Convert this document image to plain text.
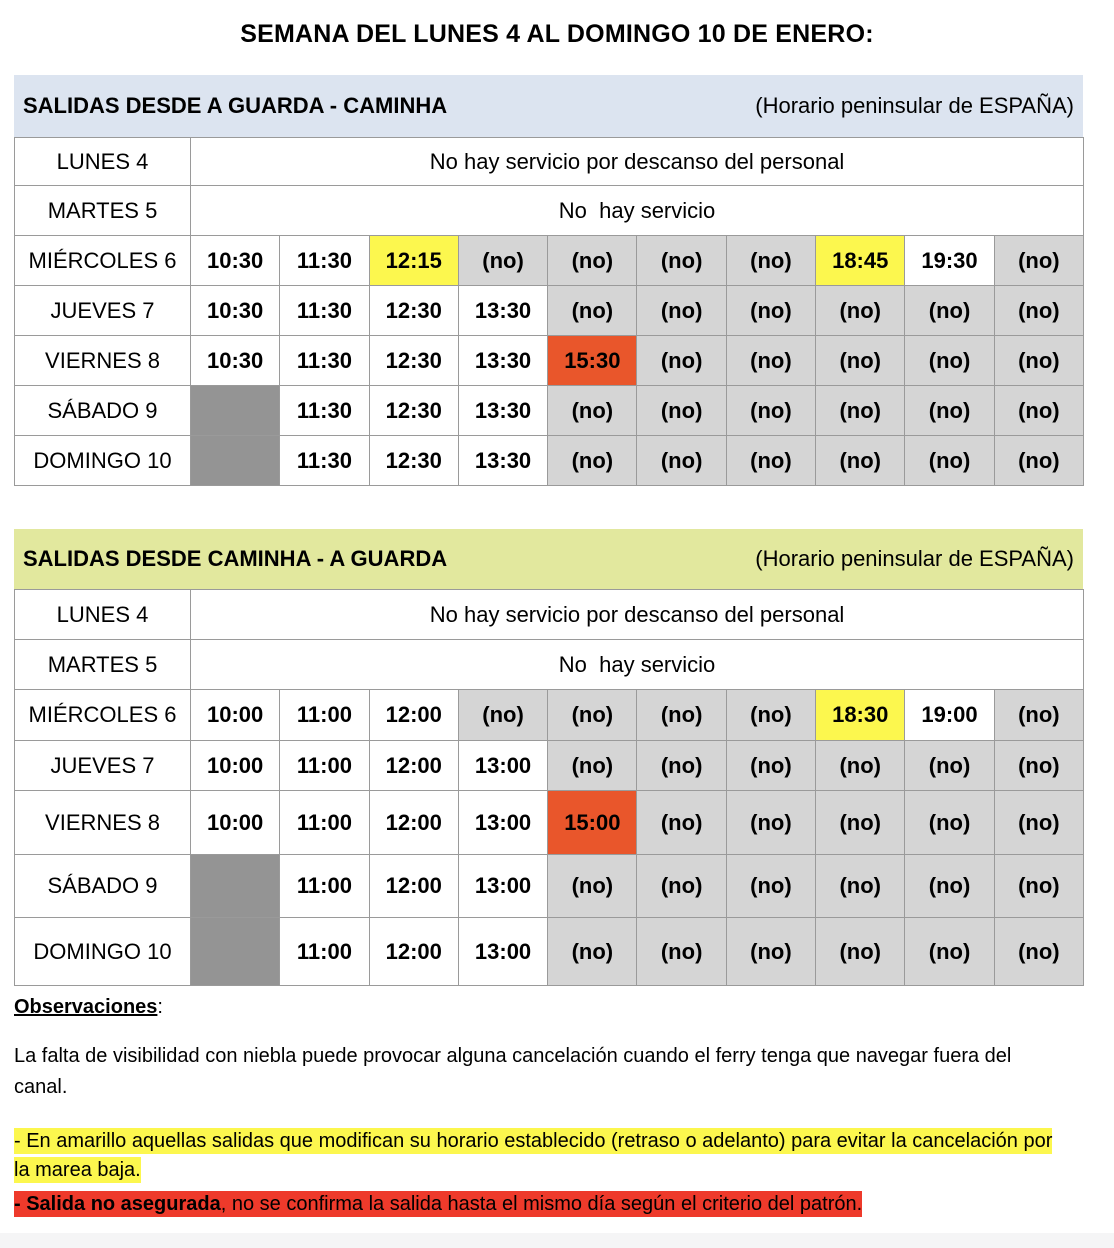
SEMANA DEL LUNES 4 AL DOMINGO 10 DE ENERO:
SALIDAS DESDE A GUARDA - CAMINHA	(Horario peninsular de ESPAÑA)
LUNES 4	No hay servicio por descanso del personal									
MARTES 5	No  hay servicio									
MIÉRCOLES 6	10:30	11:30	12:15	(no)	(no)	(no)	(no)	18:45	19:30	(no)
JUEVES 7	10:30	11:30	12:30	13:30	(no)	(no)	(no)	(no)	(no)	(no)
VIERNES 8	10:30	11:30	12:30	13:30	15:30	(no)	(no)	(no)	(no)	(no)
SÁBADO 9		11:30	12:30	13:30	(no)	(no)	(no)	(no)	(no)	(no)
DOMINGO 10		11:30	12:30	13:30	(no)	(no)	(no)	(no)	(no)	(no)
SALIDAS DESDE CAMINHA - A GUARDA	(Horario peninsular de ESPAÑA)
LUNES 4	No hay servicio por descanso del personal									
MARTES 5	No  hay servicio									
MIÉRCOLES 6	10:00	11:00	12:00	(no)	(no)	(no)	(no)	18:30	19:00	(no)
JUEVES 7	10:00	11:00	12:00	13:00	(no)	(no)	(no)	(no)	(no)	(no)
VIERNES 8	10:00	11:00	12:00	13:00	15:00	(no)	(no)	(no)	(no)	(no)
SÁBADO 9		11:00	12:00	13:00	(no)	(no)	(no)	(no)	(no)	(no)
DOMINGO 10		11:00	12:00	13:00	(no)	(no)	(no)	(no)	(no)	(no)
Observaciones:
La falta de visibilidad con niebla puede provocar alguna cancelación cuando el ferry tenga que navegar fuera del canal.
- En amarillo aquellas salidas que modifican su horario establecido (retraso o adelanto) para evitar la cancelación por la marea baja.
- Salida no asegurada, no se confirma la salida hasta el mismo día según el criterio del patrón.
